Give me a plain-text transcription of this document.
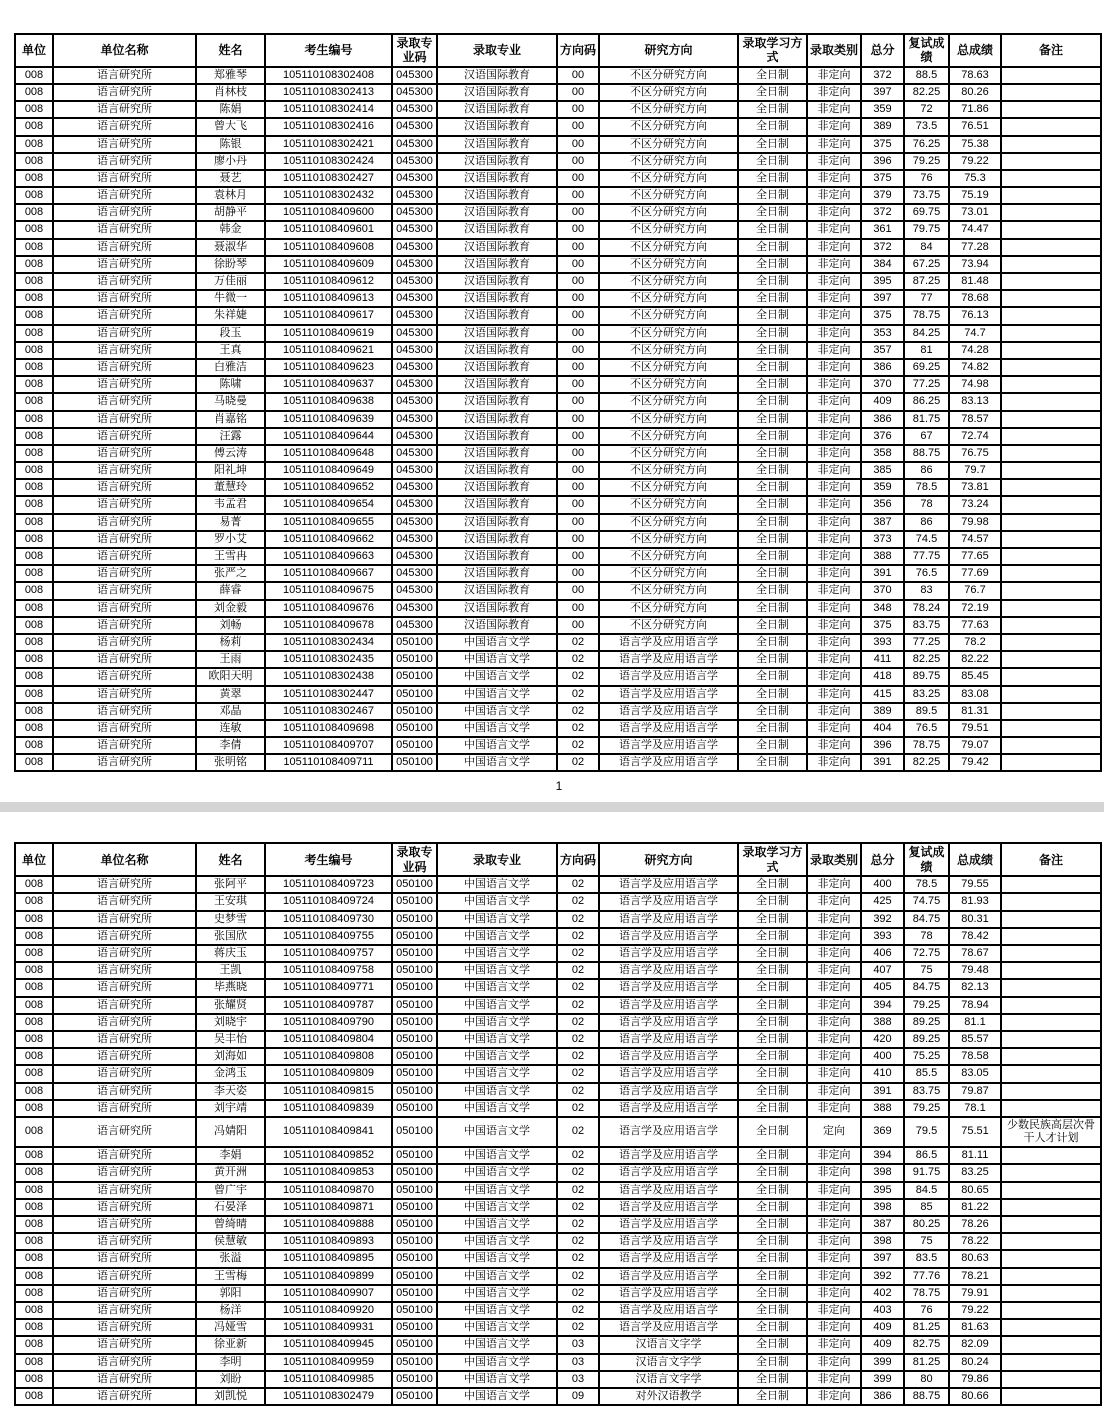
单位	单位名称	姓名	考生编号	录取专业码	录取专业	方向码	研究方向	录取学习方式	录取类别	总分	复试成绩	总成绩	备注
008	语言研究所	郑雅琴	105110108302408	045300	汉语国际教育	00	不区分研究方向	全日制	非定向	372	88.5	78.63	
008	语言研究所	肖林枝	105110108302413	045300	汉语国际教育	00	不区分研究方向	全日制	非定向	397	82.25	80.26	
008	语言研究所	陈娟	105110108302414	045300	汉语国际教育	00	不区分研究方向	全日制	非定向	359	72	71.86	
008	语言研究所	曾大飞	105110108302416	045300	汉语国际教育	00	不区分研究方向	全日制	非定向	389	73.5	76.51	
008	语言研究所	陈银	105110108302421	045300	汉语国际教育	00	不区分研究方向	全日制	非定向	375	76.25	75.38	
008	语言研究所	廖小丹	105110108302424	045300	汉语国际教育	00	不区分研究方向	全日制	非定向	396	79.25	79.22	
008	语言研究所	聂艺	105110108302427	045300	汉语国际教育	00	不区分研究方向	全日制	非定向	375	76	75.3	
008	语言研究所	袁林月	105110108302432	045300	汉语国际教育	00	不区分研究方向	全日制	非定向	379	73.75	75.19	
008	语言研究所	胡静平	105110108409600	045300	汉语国际教育	00	不区分研究方向	全日制	非定向	372	69.75	73.01	
008	语言研究所	韩金	105110108409601	045300	汉语国际教育	00	不区分研究方向	全日制	非定向	361	79.75	74.47	
008	语言研究所	聂淑华	105110108409608	045300	汉语国际教育	00	不区分研究方向	全日制	非定向	372	84	77.28	
008	语言研究所	徐盼琴	105110108409609	045300	汉语国际教育	00	不区分研究方向	全日制	非定向	384	67.25	73.94	
008	语言研究所	万佳丽	105110108409612	045300	汉语国际教育	00	不区分研究方向	全日制	非定向	395	87.25	81.48	
008	语言研究所	牛微一	105110108409613	045300	汉语国际教育	00	不区分研究方向	全日制	非定向	397	77	78.68	
008	语言研究所	朱祥婕	105110108409617	045300	汉语国际教育	00	不区分研究方向	全日制	非定向	375	78.75	76.13	
008	语言研究所	段玉	105110108409619	045300	汉语国际教育	00	不区分研究方向	全日制	非定向	353	84.25	74.7	
008	语言研究所	王真	105110108409621	045300	汉语国际教育	00	不区分研究方向	全日制	非定向	357	81	74.28	
008	语言研究所	白雅洁	105110108409623	045300	汉语国际教育	00	不区分研究方向	全日制	非定向	386	69.25	74.82	
008	语言研究所	陈啸	105110108409637	045300	汉语国际教育	00	不区分研究方向	全日制	非定向	370	77.25	74.98	
008	语言研究所	马晓曼	105110108409638	045300	汉语国际教育	00	不区分研究方向	全日制	非定向	409	86.25	83.13	
008	语言研究所	肖嘉铭	105110108409639	045300	汉语国际教育	00	不区分研究方向	全日制	非定向	386	81.75	78.57	
008	语言研究所	汪露	105110108409644	045300	汉语国际教育	00	不区分研究方向	全日制	非定向	376	67	72.74	
008	语言研究所	傅云涛	105110108409648	045300	汉语国际教育	00	不区分研究方向	全日制	非定向	358	88.75	76.75	
008	语言研究所	阳礼坤	105110108409649	045300	汉语国际教育	00	不区分研究方向	全日制	非定向	385	86	79.7	
008	语言研究所	董慧玲	105110108409652	045300	汉语国际教育	00	不区分研究方向	全日制	非定向	359	78.5	73.81	
008	语言研究所	韦孟君	105110108409654	045300	汉语国际教育	00	不区分研究方向	全日制	非定向	356	78	73.24	
008	语言研究所	易菁	105110108409655	045300	汉语国际教育	00	不区分研究方向	全日制	非定向	387	86	79.98	
008	语言研究所	罗小艾	105110108409662	045300	汉语国际教育	00	不区分研究方向	全日制	非定向	373	74.5	74.57	
008	语言研究所	王雪冉	105110108409663	045300	汉语国际教育	00	不区分研究方向	全日制	非定向	388	77.75	77.65	
008	语言研究所	张严之	105110108409667	045300	汉语国际教育	00	不区分研究方向	全日制	非定向	391	76.5	77.69	
008	语言研究所	薛睿	105110108409675	045300	汉语国际教育	00	不区分研究方向	全日制	非定向	370	83	76.7	
008	语言研究所	刘金毅	105110108409676	045300	汉语国际教育	00	不区分研究方向	全日制	非定向	348	78.24	72.19	
008	语言研究所	刘畅	105110108409678	045300	汉语国际教育	00	不区分研究方向	全日制	非定向	375	83.75	77.63	
008	语言研究所	杨莉	105110108302434	050100	中国语言文学	02	语言学及应用语言学	全日制	非定向	393	77.25	78.2	
008	语言研究所	王雨	105110108302435	050100	中国语言文学	02	语言学及应用语言学	全日制	非定向	411	82.25	82.22	
008	语言研究所	欧阳天明	105110108302438	050100	中国语言文学	02	语言学及应用语言学	全日制	非定向	418	89.75	85.45	
008	语言研究所	黄翠	105110108302447	050100	中国语言文学	02	语言学及应用语言学	全日制	非定向	415	83.25	83.08	
008	语言研究所	邓晶	105110108302467	050100	中国语言文学	02	语言学及应用语言学	全日制	非定向	389	89.5	81.31	
008	语言研究所	连敏	105110108409698	050100	中国语言文学	02	语言学及应用语言学	全日制	非定向	404	76.5	79.51	
008	语言研究所	李倩	105110108409707	050100	中国语言文学	02	语言学及应用语言学	全日制	非定向	396	78.75	79.07	
008	语言研究所	张明铭	105110108409711	050100	中国语言文学	02	语言学及应用语言学	全日制	非定向	391	82.25	79.42	
1
单位	单位名称	姓名	考生编号	录取专业码	录取专业	方向码	研究方向	录取学习方式	录取类别	总分	复试成绩	总成绩	备注
008	语言研究所	张阿平	105110108409723	050100	中国语言文学	02	语言学及应用语言学	全日制	非定向	400	78.5	79.55	
008	语言研究所	王安琪	105110108409724	050100	中国语言文学	02	语言学及应用语言学	全日制	非定向	425	74.75	81.93	
008	语言研究所	史梦雪	105110108409730	050100	中国语言文学	02	语言学及应用语言学	全日制	非定向	392	84.75	80.31	
008	语言研究所	张国欣	105110108409755	050100	中国语言文学	02	语言学及应用语言学	全日制	非定向	393	78	78.42	
008	语言研究所	蒋庆玉	105110108409757	050100	中国语言文学	02	语言学及应用语言学	全日制	非定向	406	72.75	78.67	
008	语言研究所	王凯	105110108409758	050100	中国语言文学	02	语言学及应用语言学	全日制	非定向	407	75	79.48	
008	语言研究所	毕燕晓	105110108409771	050100	中国语言文学	02	语言学及应用语言学	全日制	非定向	405	84.75	82.13	
008	语言研究所	张耀贤	105110108409787	050100	中国语言文学	02	语言学及应用语言学	全日制	非定向	394	79.25	78.94	
008	语言研究所	刘晓宇	105110108409790	050100	中国语言文学	02	语言学及应用语言学	全日制	非定向	388	89.25	81.1	
008	语言研究所	吴丰怡	105110108409804	050100	中国语言文学	02	语言学及应用语言学	全日制	非定向	420	89.25	85.57	
008	语言研究所	刘海如	105110108409808	050100	中国语言文学	02	语言学及应用语言学	全日制	非定向	400	75.25	78.58	
008	语言研究所	金鸿玉	105110108409809	050100	中国语言文学	02	语言学及应用语言学	全日制	非定向	410	85.5	83.05	
008	语言研究所	李天姿	105110108409815	050100	中国语言文学	02	语言学及应用语言学	全日制	非定向	391	83.75	79.87	
008	语言研究所	刘宇靖	105110108409839	050100	中国语言文学	02	语言学及应用语言学	全日制	非定向	388	79.25	78.1	
008	语言研究所	冯婧阳	105110108409841	050100	中国语言文学	02	语言学及应用语言学	全日制	定向	369	79.5	75.51	少数民族高层次骨干人才计划
008	语言研究所	李娟	105110108409852	050100	中国语言文学	02	语言学及应用语言学	全日制	非定向	394	86.5	81.11	
008	语言研究所	黄开洲	105110108409853	050100	中国语言文学	02	语言学及应用语言学	全日制	非定向	398	91.75	83.25	
008	语言研究所	曾广宇	105110108409870	050100	中国语言文学	02	语言学及应用语言学	全日制	非定向	395	84.5	80.65	
008	语言研究所	石晏泽	105110108409871	050100	中国语言文学	02	语言学及应用语言学	全日制	非定向	398	85	81.22	
008	语言研究所	曾绮晴	105110108409888	050100	中国语言文学	02	语言学及应用语言学	全日制	非定向	387	80.25	78.26	
008	语言研究所	侯慧敏	105110108409893	050100	中国语言文学	02	语言学及应用语言学	全日制	非定向	398	75	78.22	
008	语言研究所	张溢	105110108409895	050100	中国语言文学	02	语言学及应用语言学	全日制	非定向	397	83.5	80.63	
008	语言研究所	王雪梅	105110108409899	050100	中国语言文学	02	语言学及应用语言学	全日制	非定向	392	77.76	78.21	
008	语言研究所	郭阳	105110108409907	050100	中国语言文学	02	语言学及应用语言学	全日制	非定向	402	78.75	79.91	
008	语言研究所	杨洋	105110108409920	050100	中国语言文学	02	语言学及应用语言学	全日制	非定向	403	76	79.22	
008	语言研究所	冯娅雪	105110108409931	050100	中国语言文学	02	语言学及应用语言学	全日制	非定向	409	81.25	81.63	
008	语言研究所	徐亚新	105110108409945	050100	中国语言文学	03	汉语言文字学	全日制	非定向	409	82.75	82.09	
008	语言研究所	李明	105110108409959	050100	中国语言文学	03	汉语言文字学	全日制	非定向	399	81.25	80.24	
008	语言研究所	刘盼	105110108409985	050100	中国语言文学	03	汉语言文字学	全日制	非定向	399	80	79.86	
008	语言研究所	刘凯悦	105110108302479	050100	中国语言文学	09	对外汉语教学	全日制	非定向	386	88.75	80.66	
